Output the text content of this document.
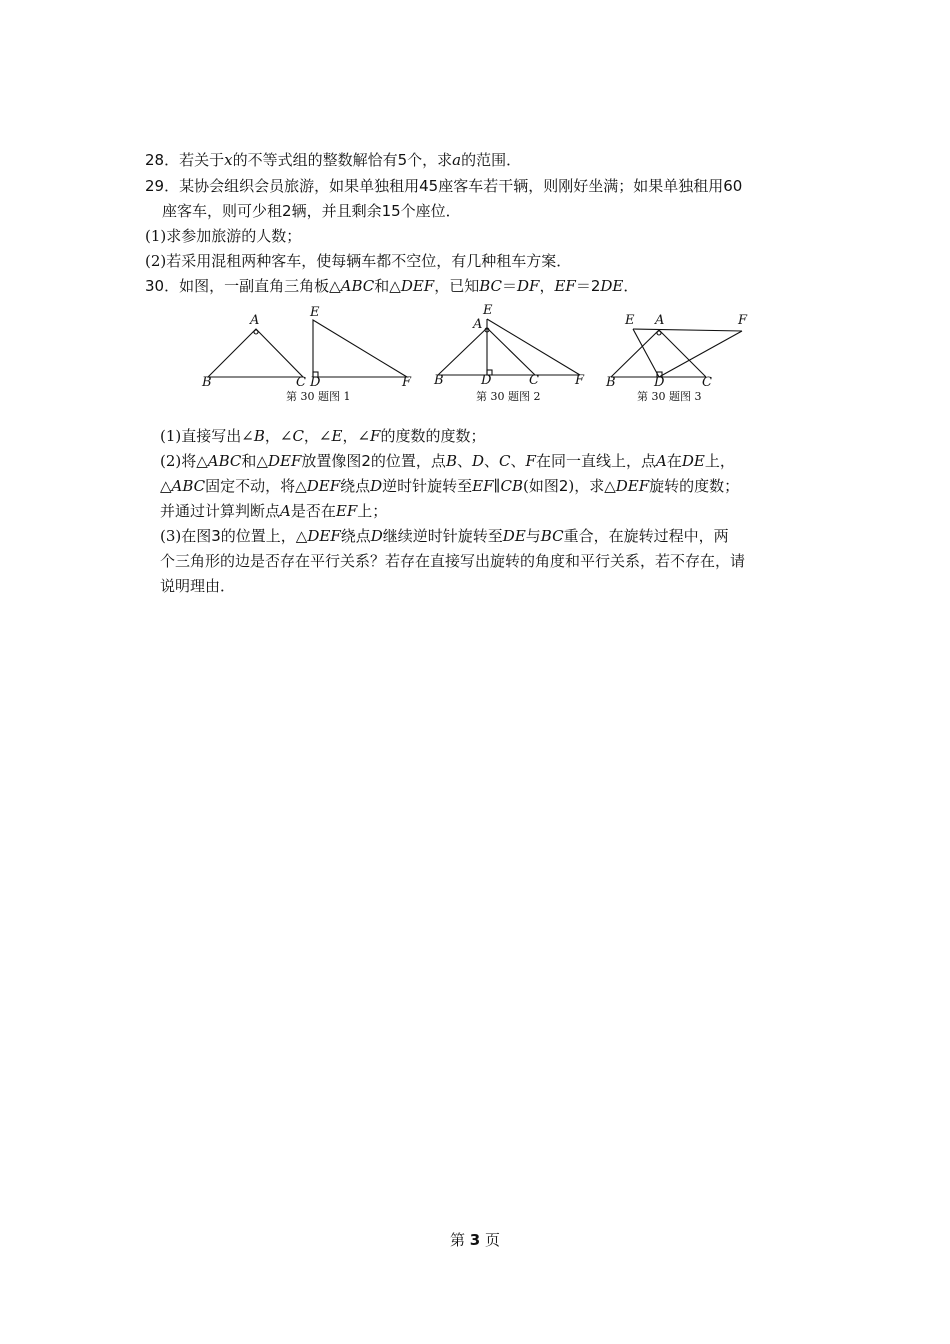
28．若关于x的不等式组的整数解恰有5个，求a的范围．
29．某协会组织会员旅游，如果单独租用45座客车若干辆，则刚好坐满；如果单独租用60
座客车，则可少租2辆，并且剩余15个座位．
(1)求参加旅游的人数；
(2)若采用混租两种客车，使每辆车都不空位，有几种租车方案．
30．如图，一副直角三角板△ABC和△DEF，已知BC＝DF，EF＝2DE．
A
B	C D
E
F
第 30 题图 1
E
A
B	D	C	F
第 30 题图 2
E A	F
B	D	C
第 30 题图 3
(1)直接写出∠B，∠C，∠E，∠F的度数的度数；
(2)将△ABC和△DEF放置像图2的位置，点B、D、C、F在同一直线上，点A在DE上，
△ABC固定不动，将△DEF绕点D逆时针旋转至EF∥CB(如图2)，求△DEF旋转的度数；
并通过计算判断点A是否在EF上；
(3)在图3的位置上，△DEF绕点D继续逆时针旋转至DE与BC重合，在旋转过程中，两
个三角形的边是否存在平行关系？若存在直接写出旋转的角度和平行关系，若不存在，请
说明理由．
第 3 页
